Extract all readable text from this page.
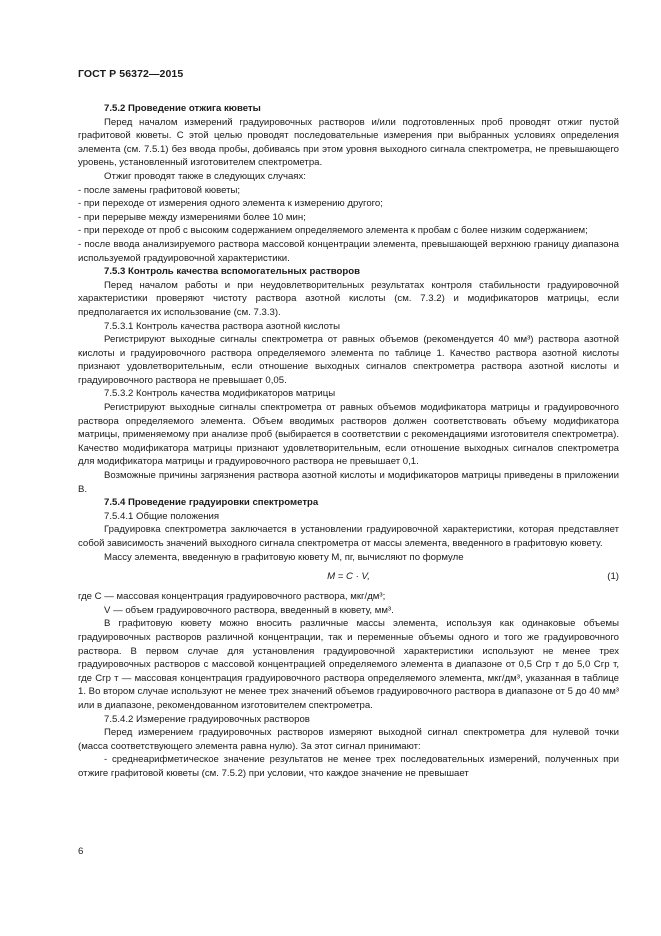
ГОСТ Р 56372—2015

7.5.2 Проведение отжига кюветы

Перед началом измерений градуировочных растворов и/или подготовленных проб проводят отжиг пустой графитовой кюветы. С этой целью проводят последовательные измерения при выбранных условиях определения элемента (см. 7.5.1) без ввода пробы, добиваясь при этом уровня выходного сигнала спектрометра, не превышающего уровень, установленный изготовителем спектрометра.

Отжиг проводят также в следующих случаях:

- после замены графитовой кюветы;

- при переходе от измерения одного элемента к измерению другого;

- при перерыве между измерениями более 10 мин;

- при переходе от проб с высоким содержанием определяемого элемента к пробам с более низким содержанием;

- после ввода анализируемого раствора массовой концентрации элемента, превышающей верхнюю границу диапазона используемой градуировочной характеристики.

7.5.3 Контроль качества вспомогательных растворов

Перед началом работы и при неудовлетворительных результатах контроля стабильности градуировочной характеристики проверяют чистоту раствора азотной кислоты (см. 7.3.2) и модификаторов матрицы, если предполагается их использование (см. 7.3.3).

7.5.3.1 Контроль качества раствора азотной кислоты

Регистрируют выходные сигналы спектрометра от равных объемов (рекомендуется 40 мм³) раствора азотной кислоты и градуировочного раствора определяемого элемента по таблице 1. Качество раствора азотной кислоты признают удовлетворительным, если отношение выходных сигналов спектрометра раствора азотной кислоты и градуировочного раствора не превышает 0,05.

7.5.3.2 Контроль качества модификаторов матрицы

Регистрируют выходные сигналы спектрометра от равных объемов модификатора матрицы и градуировочного раствора определяемого элемента. Объем вводимых растворов должен соответствовать объему модификатора матрицы, применяемому при анализе проб (выбирается в соответствии с рекомендациями изготовителя спектрометра). Качество модификатора матрицы признают удовлетворительным, если отношение выходных сигналов спектрометра для модификатора матрицы и градуировочного раствора не превышает 0,1.

Возможные причины загрязнения раствора азотной кислоты и модификаторов матрицы приведены в приложении В.

7.5.4 Проведение градуировки спектрометра

7.5.4.1 Общие положения

Градуировка спектрометра заключается в установлении градуировочной характеристики, которая представляет собой зависимость значений выходного сигнала спектрометра от массы элемента, введенного в графитовую кювету.

Массу элемента, введенную в графитовую кювету М, пг, вычисляют по формуле

M = C · V,	(1)

где С — массовая концентрация градуировочного раствора, мкг/дм³;

V — объем градуировочного раствора, введенный в кювету, мм³.

В графитовую кювету можно вносить различные массы элемента, используя как одинаковые объемы градуировочных растворов различной концентрации, так и переменные объемы одного и того же градуировочного раствора. В первом случае для установления градуировочной характеристики используют не менее трех градуировочных растворов с массовой концентрацией определяемого элемента в диапазоне от 0,5 Сгр т до 5,0 Сгр т, где Сгр т — массовая концентрация градуировочного раствора определяемого элемента, мкг/дм³, указанная в таблице 1. Во втором случае используют не менее трех значений объемов градуировочного раствора в диапазоне от 5 до 40 мм³ или в диапазоне, рекомендованном изготовителем спектрометра.

7.5.4.2 Измерение градуировочных растворов

Перед измерением градуировочных растворов измеряют выходной сигнал спектрометра для нулевой точки (масса соответствующего элемента равна нулю). За этот сигнал принимают:

- среднеарифметическое значение результатов не менее трех последовательных измерений, полученных при отжиге графитовой кюветы (см. 7.5.2) при условии, что каждое значение не превышает

6
